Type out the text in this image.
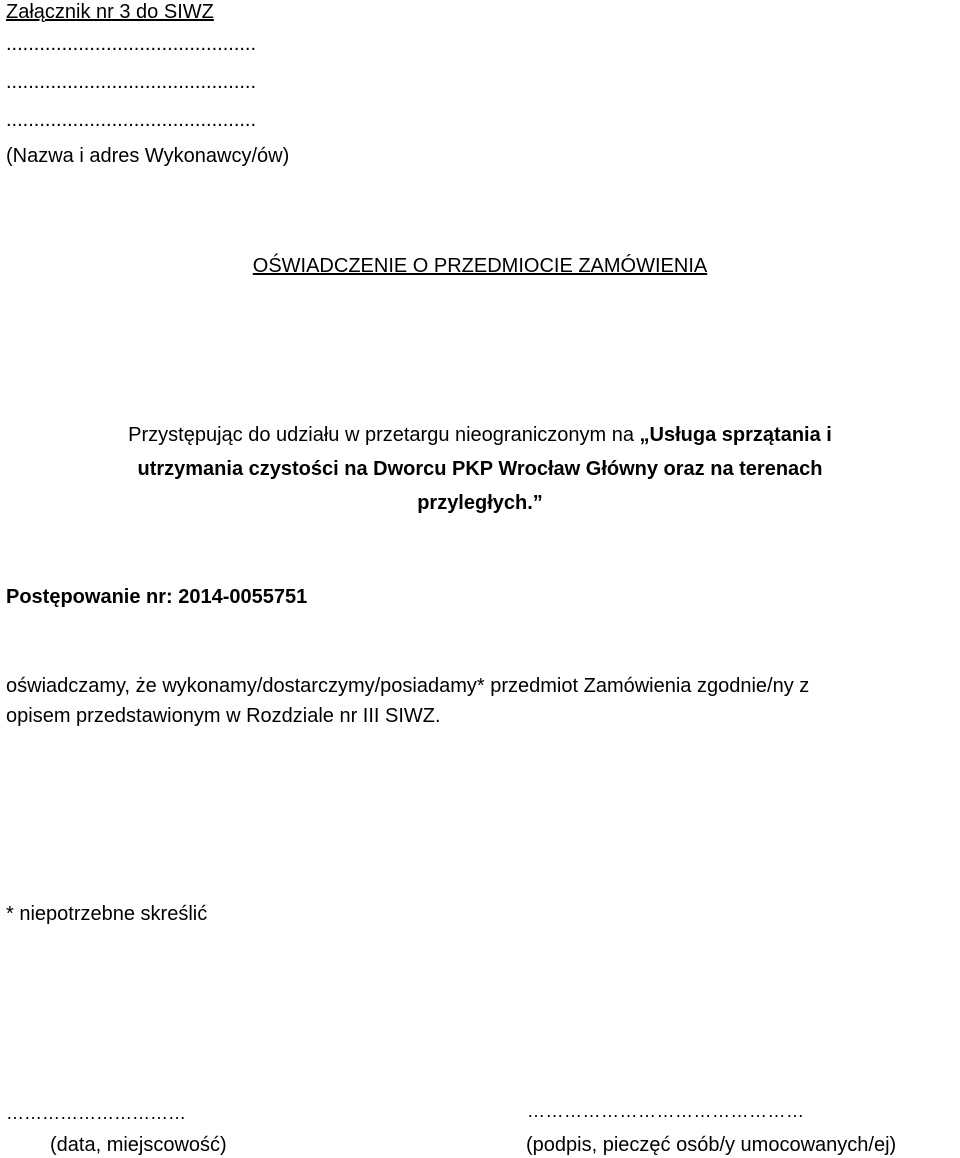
Załącznik nr 3 do SIWZ
.............................................
.............................................
.............................................
(Nazwa i adres Wykonawcy/ów)
OŚWIADCZENIE O PRZEDMIOCIE ZAMÓWIENIA
Przystępując do udziału w przetargu nieograniczonym na „Usługa sprzątania i
utrzymania czystości na Dworcu PKP Wrocław Główny oraz na terenach
przyległych.”
Postępowanie nr: 2014-0055751
oświadczamy, że wykonamy/dostarczymy/posiadamy* przedmiot Zamówienia zgodnie/ny z
opisem przedstawionym w Rozdziale nr III SIWZ.
* niepotrzebne skreślić
…………………………
(data, miejscowość)
………………………………………
(podpis, pieczęć osób/y umocowanych/ej)
